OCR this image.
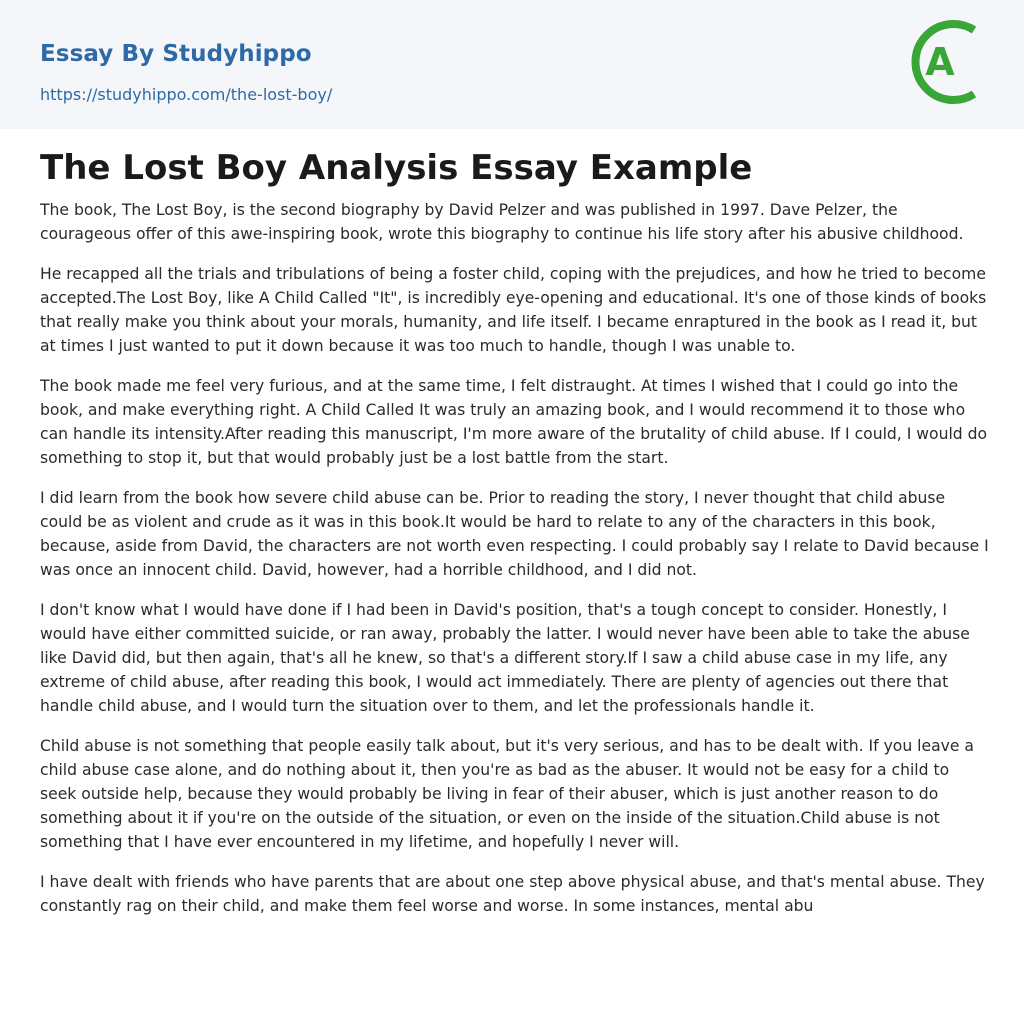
Essay By Studyhippo
https://studyhippo.com/the-lost-boy/
A
The Lost Boy Analysis Essay Example

The book, The Lost Boy, is the second biography by David Pelzer and was published in 1997. Dave Pelzer, the courageous offer of this awe-inspiring book, wrote this biography to continue his life story after his abusive childhood.

He recapped all the trials and tribulations of being a foster child, coping with the prejudices, and how he tried to become accepted.The Lost Boy, like A Child Called "It", is incredibly eye-opening and educational. It's one of those kinds of books that really make you think about your morals, humanity, and life itself. I became enraptured in the book as I read it, but at times I just wanted to put it down because it was too much to handle, though I was unable to.

The book made me feel very furious, and at the same time, I felt distraught. At times I wished that I could go into the book, and make everything right. A Child Called It was truly an amazing book, and I would recommend it to those who can handle its intensity.After reading this manuscript, I'm more aware of the brutality of child abuse. If I could, I would do something to stop it, but that would probably just be a lost battle from the start.

I did learn from the book how severe child abuse can be. Prior to reading the story, I never thought that child abuse could be as violent and crude as it was in this book.It would be hard to relate to any of the characters in this book, because, aside from David, the characters are not worth even respecting. I could probably say I relate to David because I was once an innocent child. David, however, had a horrible childhood, and I did not.

I don't know what I would have done if I had been in David's position, that's a tough concept to consider. Honestly, I would have either committed suicide, or ran away, probably the latter. I would never have been able to take the abuse like David did, but then again, that's all he knew, so that's a different story.If I saw a child abuse case in my life, any extreme of child abuse, after reading this book, I would act immediately. There are plenty of agencies out there that handle child abuse, and I would turn the situation over to them, and let the professionals handle it.

Child abuse is not something that people easily talk about, but it's very serious, and has to be dealt with. If you leave a child abuse case alone, and do nothing about it, then you're as bad as the abuser. It would not be easy for a child to seek outside help, because they would probably be living in fear of their abuser, which is just another reason to do something about it if you're on the outside of the situation, or even on the inside of the situation.Child abuse is not something that I have ever encountered in my lifetime, and hopefully I never will.

I have dealt with friends who have parents that are about one step above physical abuse, and that's mental abuse. They constantly rag on their child, and make them feel worse and worse. In some instances, mental abu
